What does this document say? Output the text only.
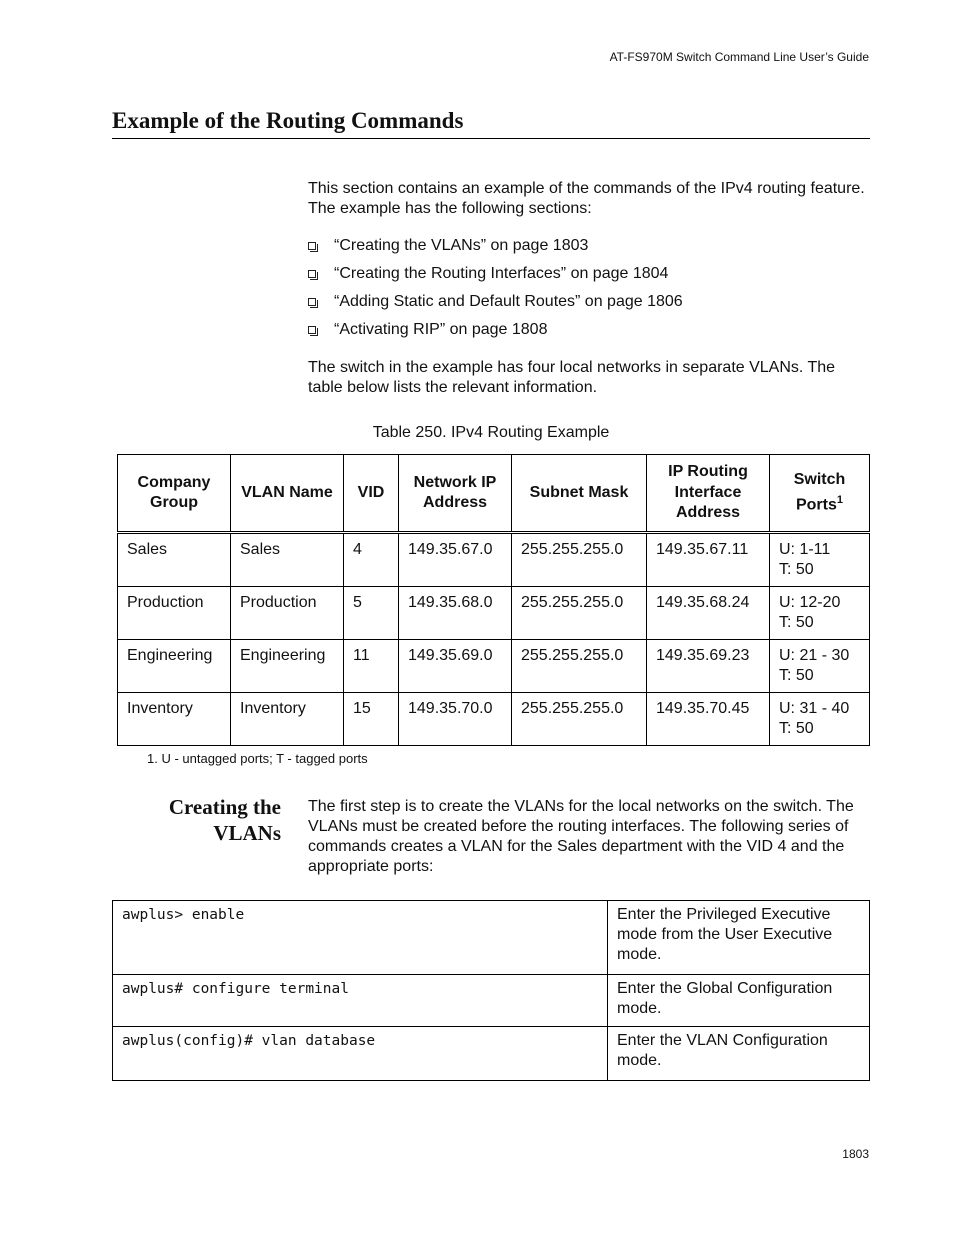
AT-FS970M Switch Command Line User’s Guide
Example of the Routing Commands

This section contains an example of the commands of the IPv4 routing feature. The example has the following sections:

“Creating the VLANs” on page 1803
“Creating the Routing Interfaces” on page 1804
“Adding Static and Default Routes” on page 1806
“Activating RIP” on page 1808

The switch in the example has four local networks in separate VLANs. The table below lists the relevant information.

Table 250. IPv4 Routing Example
Company Group	VLAN Name	VID	Network IP Address	Subnet Mask	IP Routing Interface Address	Switch Ports$^1$
Sales	Sales	4	149.35.67.0	255.255.255.0	149.35.67.11	U: 1-11
T: 50
Production	Production	5	149.35.68.0	255.255.255.0	149.35.68.24	U: 12-20
T: 50
Engineering	Engineering	11	149.35.69.0	255.255.255.0	149.35.69.23	U: 21 - 30
T: 50
Inventory	Inventory	15	149.35.70.0	255.255.255.0	149.35.70.45	U: 31 - 40
T: 50
1. U - untagged ports; T - tagged ports
Creating the
VLANs

The first step is to create the VLANs for the local networks on the switch. The VLANs must be created before the routing interfaces. The following series of commands creates a VLAN for the Sales department with the VID 4 and the appropriate ports:

awplus> enable	Enter the Privileged Executive mode from the User Executive mode.
awplus# configure terminal	Enter the Global Configuration mode.
awplus(config)# vlan database	Enter the VLAN Configuration mode.
1803
